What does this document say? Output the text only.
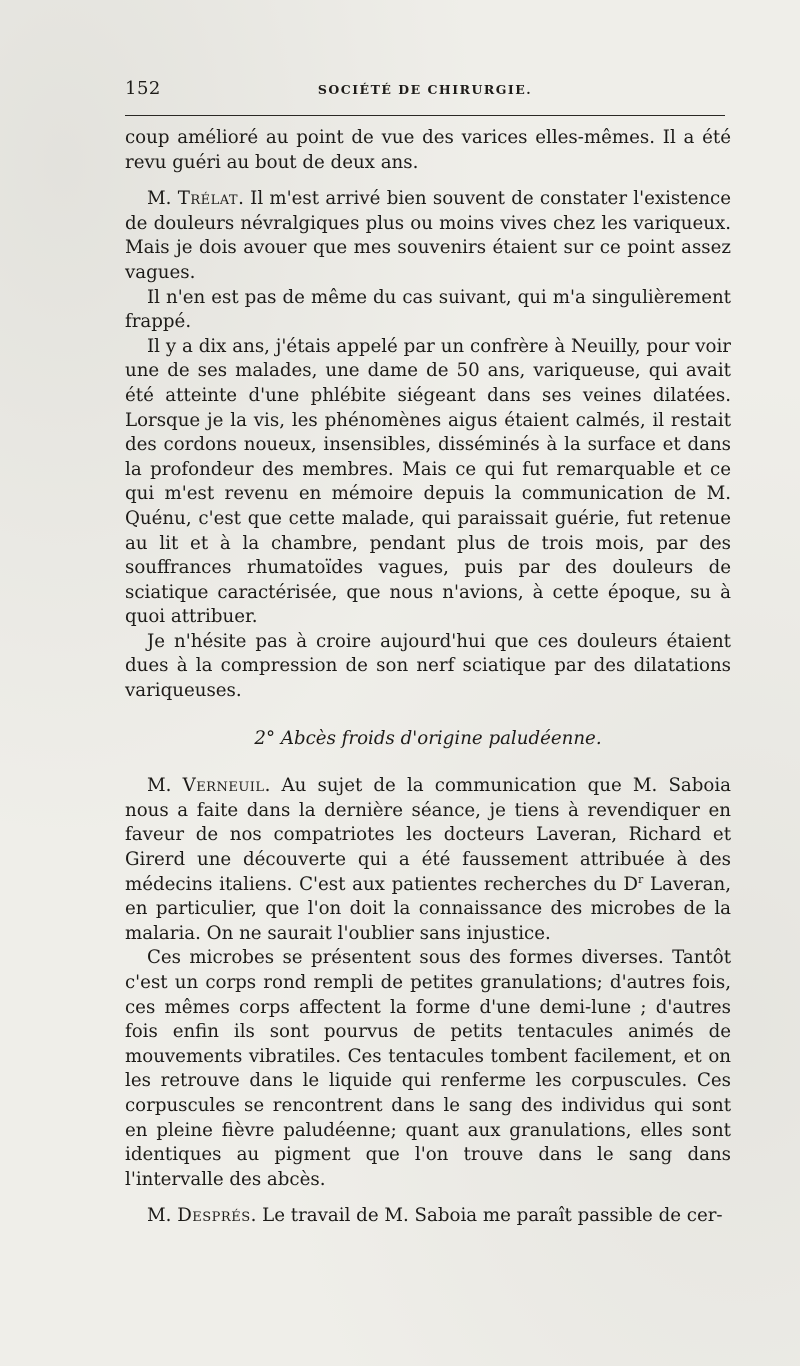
152	SOCIÉTÉ DE CHIRURGIE.

coup amélioré au point de vue des varices elles-mêmes. Il a été revu guéri au bout de deux ans.

M. Trélat. Il m'est arrivé bien souvent de constater l'existence de douleurs névralgiques plus ou moins vives chez les variqueux. Mais je dois avouer que mes souvenirs étaient sur ce point assez vagues.

Il n'en est pas de même du cas suivant, qui m'a singulièrement frappé.

Il y a dix ans, j'étais appelé par un confrère à Neuilly, pour voir une de ses malades, une dame de 50 ans, variqueuse, qui avait été atteinte d'une phlébite siégeant dans ses veines dilatées. Lorsque je la vis, les phénomènes aigus étaient calmés, il restait des cordons noueux, insensibles, disséminés à la surface et dans la profondeur des membres. Mais ce qui fut remarquable et ce qui m'est revenu en mémoire depuis la communication de M. Quénu, c'est que cette malade, qui paraissait guérie, fut retenue au lit et à la chambre, pendant plus de trois mois, par des souffrances rhumatoïdes vagues, puis par des douleurs de sciatique caractérisée, que nous n'avions, à cette époque, su à quoi attribuer.

Je n'hésite pas à croire aujourd'hui que ces douleurs étaient dues à la compression de son nerf sciatique par des dilatations variqueuses.

2° Abcès froids d'origine paludéenne.

M. Verneuil. Au sujet de la communication que M. Saboia nous a faite dans la dernière séance, je tiens à revendiquer en faveur de nos compatriotes les docteurs Laveran, Richard et Girerd une découverte qui a été faussement attribuée à des médecins italiens. C'est aux patientes recherches du $D^r$ Laveran, en particulier, que l'on doit la connaissance des microbes de la malaria. On ne saurait l'oublier sans injustice.

Ces microbes se présentent sous des formes diverses. Tantôt c'est un corps rond rempli de petites granulations; d'autres fois, ces mêmes corps affectent la forme d'une demi-lune ; d'autres fois enfin ils sont pourvus de petits tentacules animés de mouvements vibratiles. Ces tentacules tombent facilement, et on les retrouve dans le liquide qui renferme les corpuscules. Ces corpuscules se rencontrent dans le sang des individus qui sont en pleine fièvre paludéenne; quant aux granulations, elles sont identiques au pigment que l'on trouve dans le sang dans l'intervalle des abcès.

M. Després. Le travail de M. Saboia me paraît passible de cer-
